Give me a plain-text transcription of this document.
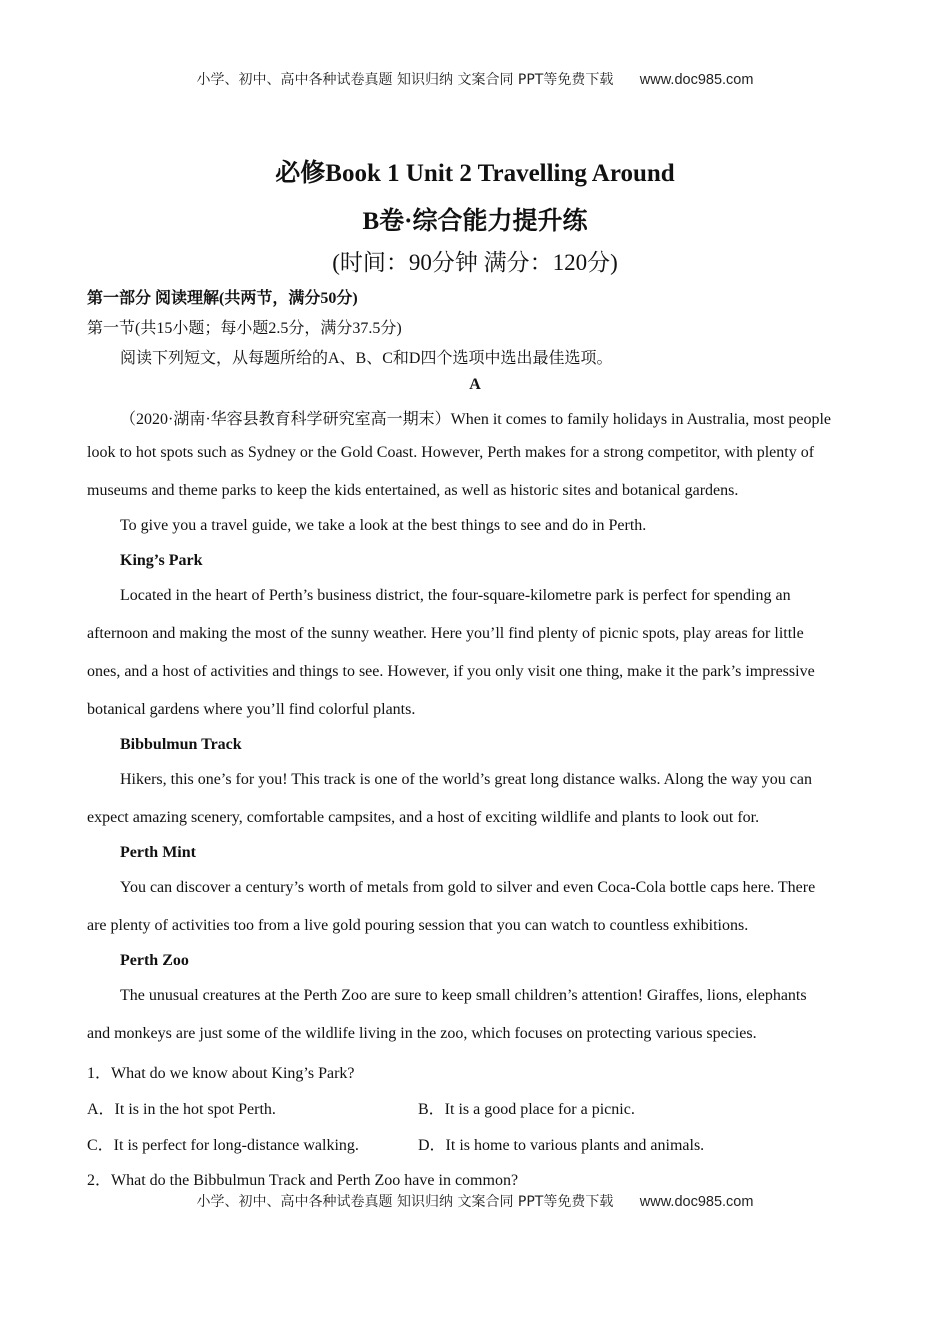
小学、初中、高中各种试卷真题 知识归纳 文案合同 PPT等免费下载 www.doc985.com
必修Book 1 Unit 2 Travelling Around
B卷·综合能力提升练
(时间：90分钟 满分：120分)
第一部分 阅读理解(共两节，满分50分)
第一节(共15小题；每小题2.5分，满分37.5分)
阅读下列短文，从每题所给的A、B、C和D四个选项中选出最佳选项。
A
（2020·湖南·华容县教育科学研究室高一期末）When it comes to family holidays in Australia, most people
look to hot spots such as Sydney or the Gold Coast. However, Perth makes for a strong competitor, with plenty of
museums and theme parks to keep the kids entertained, as well as historic sites and botanical gardens.
To give you a travel guide, we take a look at the best things to see and do in Perth.
King’s Park
Located in the heart of Perth’s business district, the four-square-kilometre park is perfect for spending an
afternoon and making the most of the sunny weather. Here you’ll find plenty of picnic spots, play areas for little
ones, and a host of activities and things to see. However, if you only visit one thing, make it the park’s impressive
botanical gardens where you’ll find colorful plants.
Bibbulmun Track
Hikers, this one’s for you! This track is one of the world’s great long distance walks. Along the way you can
expect amazing scenery, comfortable campsites, and a host of exciting wildlife and plants to look out for.
Perth Mint
You can discover a century’s worth of metals from gold to silver and even Coca-Cola bottle caps here. There
are plenty of activities too from a live gold pouring session that you can watch to countless exhibitions.
Perth Zoo
The unusual creatures at the Perth Zoo are sure to keep small children’s attention! Giraffes, lions, elephants
and monkeys are just some of the wildlife living in the zoo, which focuses on protecting various species.
1．What do we know about King’s Park?
A．It is in the hot spot Perth.	B．It is a good place for a picnic.
C．It is perfect for long-distance walking.	D．It is home to various plants and animals.
2．What do the Bibbulmun Track and Perth Zoo have in common?
小学、初中、高中各种试卷真题 知识归纳 文案合同 PPT等免费下载 www.doc985.com
